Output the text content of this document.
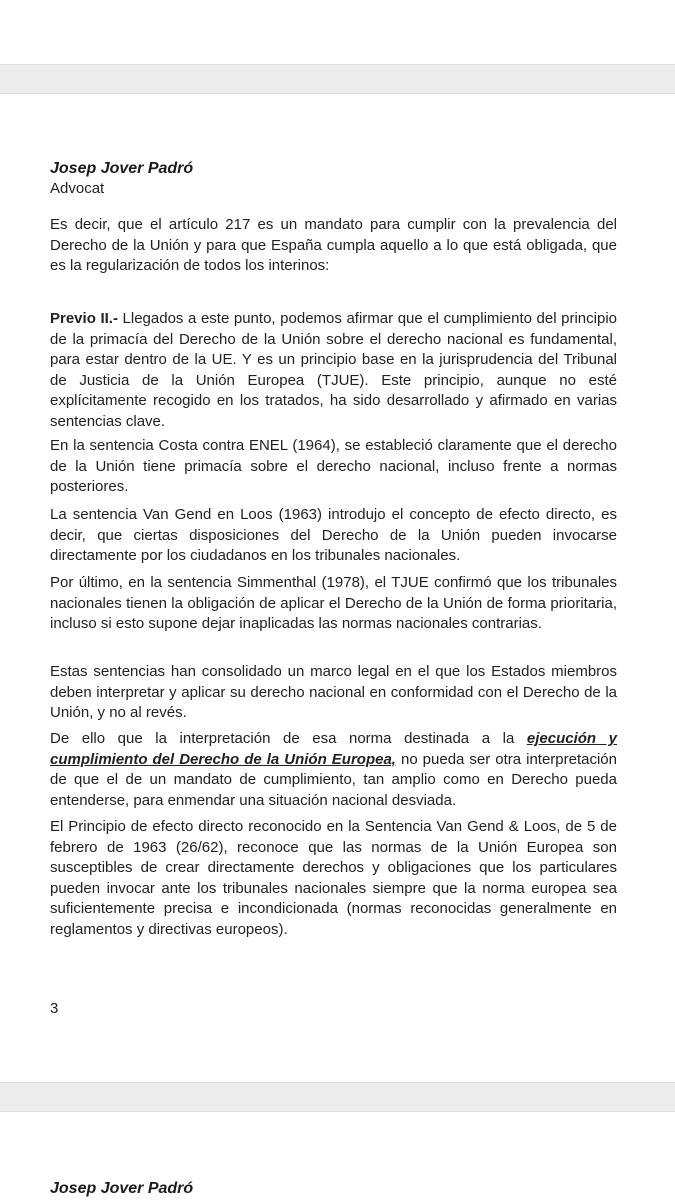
Josep Jover Padró
Advocat

Es decir, que el artículo 217 es un mandato para cumplir con la prevalencia del Derecho de la Unión y para que España cumpla aquello a lo que está obligada, que es la regularización de todos los interinos:

Previo II.- Llegados a este punto, podemos afirmar que el cumplimiento del principio de la primacía del Derecho de la Unión sobre el derecho nacional es fundamental, para estar dentro de la UE. Y es un principio base en la jurisprudencia del Tribunal de Justicia de la Unión Europea (TJUE). Este principio, aunque no esté explícitamente recogido en los tratados, ha sido desarrollado y afirmado en varias sentencias clave.

En la sentencia Costa contra ENEL (1964), se estableció claramente que el derecho de la Unión tiene primacía sobre el derecho nacional, incluso frente a normas posteriores.

La sentencia Van Gend en Loos (1963) introdujo el concepto de efecto directo, es decir, que ciertas disposiciones del Derecho de la Unión pueden invocarse directamente por los ciudadanos en los tribunales nacionales.

Por último, en la sentencia Simmenthal (1978), el TJUE confirmó que los tribunales nacionales tienen la obligación de aplicar el Derecho de la Unión de forma prioritaria, incluso si esto supone dejar inaplicadas las normas nacionales contrarias.

Estas sentencias han consolidado un marco legal en el que los Estados miembros deben interpretar y aplicar su derecho nacional en conformidad con el Derecho de la Unión, y no al revés.

De ello que la interpretación de esa norma destinada a la ejecución y cumplimiento del Derecho de la Unión Europea, no pueda ser otra interpretación de que el de un mandato de cumplimiento, tan amplio como en Derecho pueda entenderse, para enmendar una situación nacional desviada.

El Principio de efecto directo reconocido en la Sentencia Van Gend & Loos, de 5 de febrero de 1963 (26/62), reconoce que las normas de la Unión Europea son susceptibles de crear directamente derechos y obligaciones que los particulares pueden invocar ante los tribunales nacionales siempre que la norma europea sea suficientemente precisa e incondicionada (normas reconocidas generalmente en reglamentos y directivas europeos).

3
Josep Jover Padró
